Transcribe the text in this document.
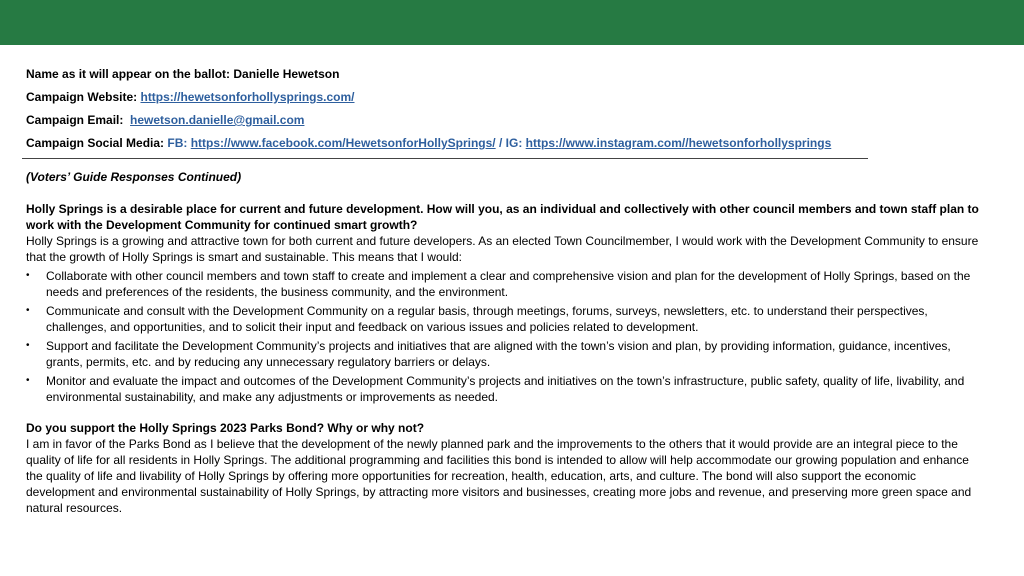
Name as it will appear on the ballot: Danielle Hewetson

Campaign Website: https://hewetsonforhollysprings.com/

Campaign Email: hewetson.danielle@gmail.com

Campaign Social Media: FB: https://www.facebook.com/HewetsonforHollySprings/ / IG: https://www.instagram.com//hewetsonforhollysprings

(Voters’ Guide Responses Continued)

Holly Springs is a desirable place for current and future development. How will you, as an individual and collectively with other council members and town staff plan to work with the Development Community for continued smart growth?

Holly Springs is a growing and attractive town for both current and future developers. As an elected Town Councilmember, I would work with the Development Community to ensure that the growth of Holly Springs is smart and sustainable. This means that I would:

• Collaborate with other council members and town staff to create and implement a clear and comprehensive vision and plan for the development of Holly Springs, based on the needs and preferences of the residents, the business community, and the environment.
• Communicate and consult with the Development Community on a regular basis, through meetings, forums, surveys, newsletters, etc. to understand their perspectives, challenges, and opportunities, and to solicit their input and feedback on various issues and policies related to development.
• Support and facilitate the Development Community’s projects and initiatives that are aligned with the town’s vision and plan, by providing information, guidance, incentives, grants, permits, etc. and by reducing any unnecessary regulatory barriers or delays.
• Monitor and evaluate the impact and outcomes of the Development Community’s projects and initiatives on the town’s infrastructure, public safety, quality of life, livability, and environmental sustainability, and make any adjustments or improvements as needed.

Do you support the Holly Springs 2023 Parks Bond? Why or why not?

I am in favor of the Parks Bond as I believe that the development of the newly planned park and the improvements to the others that it would provide are an integral piece to the quality of life for all residents in Holly Springs. The additional programming and facilities this bond is intended to allow will help accommodate our growing population and enhance the quality of life and livability of Holly Springs by offering more opportunities for recreation, health, education, arts, and culture. The bond will also support the economic development and environmental sustainability of Holly Springs, by attracting more visitors and businesses, creating more jobs and revenue, and preserving more green space and natural resources.
